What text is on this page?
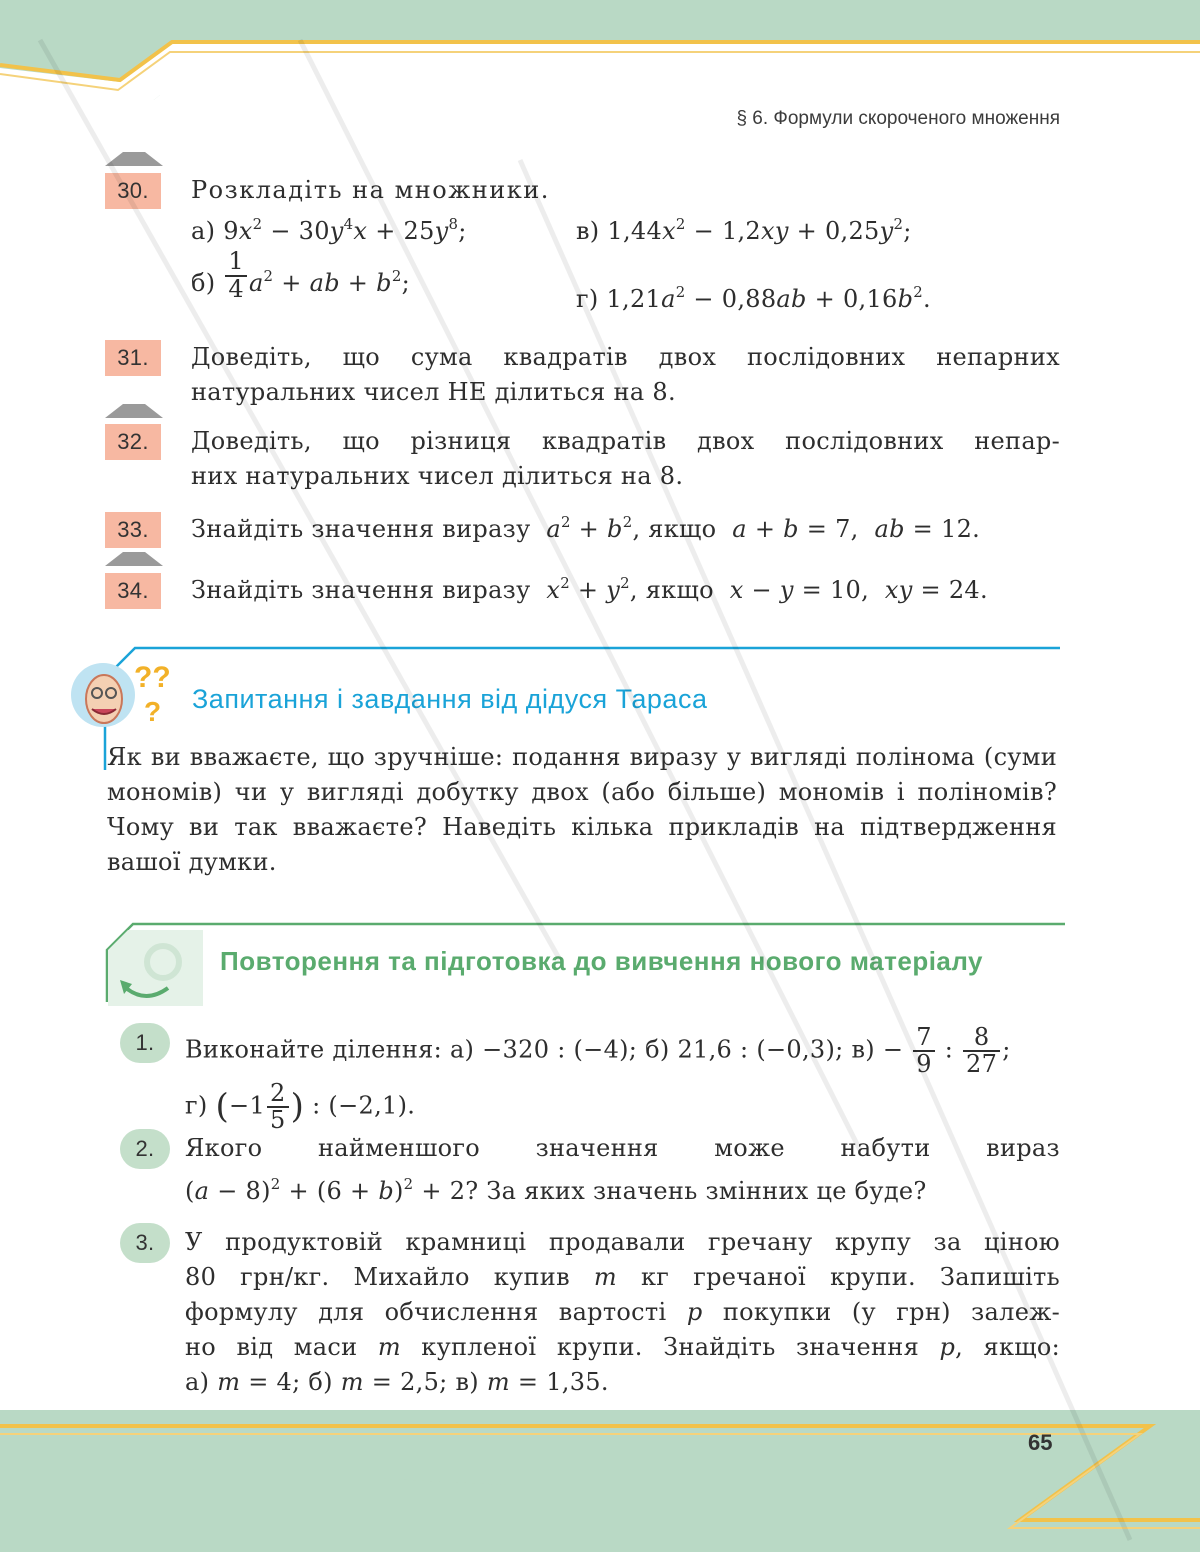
§ 6. Формули скороченого множення
65
30.	Розкладіть на множники.
а) $9x^2 - 30y^4x + 25y^8$;	в) $1,44x^2 - 1,2xy + 0,25y^2$;
$б) \frac{1}{4} a^2$ + ab + $b^2$;
г) $1,21a^2 - 0,88ab + 0,16b^2$.
31.	Доведіть, що сума квадратів двох послідовних непарних
натуральних чисел НЕ ділиться на 8.
32.	Доведіть, що різниця квадратів двох послідовних непар-
них натуральних чисел ділиться на 8.
33.	Знайдіть значення виразу $a^2 + b^2$, якщо a + b = 7,  ab = 12.
34.	Знайдіть значення виразу $x^2 + y^2$, якщо x − y = 10,  xy = 24.
??
? Запитання і завдання від дідуся Тараса
Як ви вважаєте, що зручніше: подання виразу у вигляді полінома (суми мономів) чи у вигляді добутку двох (або більше) мономів і поліномів? Чому ви так вважаєте? Наведіть кілька прикладів на підтвердження вашої думки.
Повторення та підготовка до вивчення нового матеріалу
1.	Виконайте ділення: а) −320 : (−4); б) 21,6 : (−0,3); $в) - \frac{7}{9}$ : $\frac{8}{27}$ ;
г) ($-1 \frac{2}{5}$ ) : (−2,1).
2.	Якого найменшого значення може набути вираз
$(a - 8)^2 + (6 + b)^2 + 2$? За яких значень змінних це буде?
3.	У продуктовій крамниці продавали гречану крупу за ціною
80 грн/кг. Михайло купив m кг гречаної крупи. Запишіть
формулу для обчислення вартості p покупки (у грн) залеж-
но від маси m купленої крупи. Знайдіть значення p, якщо:
а) m = 4; б) m = 2,5; в) m = 1,35.
